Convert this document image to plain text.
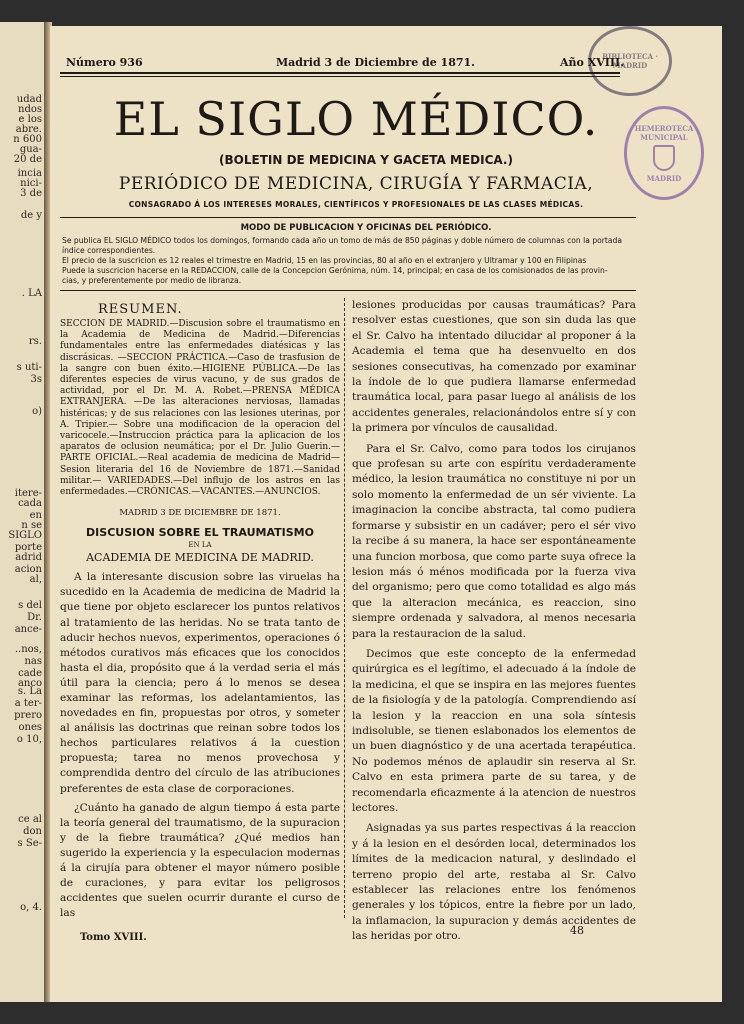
udad
ndos
e los
abre.
n 600
gua-
20 de
incia
nici-
3 de
de y
. LA
rs.
s uti-
3s
o)
itere-
cada
en
n se
SIGLO
porte
adrid
acion
al,
s del
Dr.
ance-
..nos,
nas
cade
anco
s. La
a ter-
prero
ones
o 10,
ce al
don
s Se-
o, 4.
BIBLIOTECA · MADRID
HEMEROTECA MUNICIPAL
MADRID
Número 936	Madrid 3 de Diciembre de 1871.	Año XVIII.
EL SIGLO MÉDICO.
(BOLETIN DE MEDICINA Y GACETA MEDICA.)
PERIÓDICO DE MEDICINA, CIRUGÍA Y FARMACIA,
CONSAGRADO Á LOS INTERESES MORALES, CIENTÍFICOS Y PROFESIONALES DE LAS CLASES MÉDICAS.
MODO DE PUBLICACION Y OFICINAS DEL PERIÓDICO.
Se publica EL SIGLO MÉDICO todos los domingos, formando cada año un tomo de más de 850 páginas y doble número de columnas con la portada
índice correspondientes.
El precio de la suscricion es 12 reales el trimestre en Madrid, 15 en las provincias, 80 al año en el extranjero y Ultramar y 100 en Filipinas
Puede la suscricion hacerse en la REDACCION, calle de la Concepcion Gerónima, núm. 14, principal; en casa de los comisionados de las provin-
cias, y preferentemente por medio de libranza.
RESUMEN.

SECCION DE MADRID.—Discusion sobre el traumatismo en la Academia de Medicina de Madrid.—Diferencias fundamentales entre las enfermedades diatésicas y las discrásicas. —SECCION PRÁCTICA.—Caso de trasfusion de la sangre con buen éxito.—HIGIENE PÚBLICA.—De las diferentes especies de virus vacuno, y de sus grados de actividad, por el Dr. M. A. Robet.—PRENSA MÉDICA EXTRANJERA. —De las alteraciones nerviosas, llamadas histéricas; y de sus relaciones con las lesiones uterinas, por A. Tripier.— Sobre una modificacion de la operacion del varicocele.—Instruccion práctica para la aplicacion de los aparatos de oclusion neumática; por el Dr. Julio Guerin.—PARTE OFICIAL.—Real academia de medicina de Madrid—Sesion literaria del 16 de Noviembre de 1871.—Sanidad militar.— VARIEDADES.—Del influjo de los astros en las enfermedades.—CRÓNICAS.—VACANTES.—ANUNCIOS.

MADRID 3 DE DICIEMBRE DE 1871.
DISCUSION SOBRE EL TRAUMATISMO
EN LA
ACADEMIA DE MEDICINA DE MADRID.

A la interesante discusion sobre las viruelas ha sucedido en la Academia de medicina de Madrid la que tiene por objeto esclarecer los puntos relativos al tratamiento de las heridas. No se trata tanto de aducir hechos nuevos, experimentos, operaciones ó métodos curativos más eficaces que los conocidos hasta el dia, propósito que á la verdad seria el más útil para la ciencia; pero á lo menos se desea examinar las reformas, los adelantamientos, las novedades en fin, propuestas por otros, y someter al análisis las doctrinas que reinan sobre todos los hechos particulares relativos á la cuestion propuesta; tarea no menos provechosa y comprendida dentro del círculo de las atribuciones preferentes de esta clase de corporaciones.

¿Cuánto ha ganado de algun tiempo á esta parte la teoría general del traumatismo, de la supuracion y de la fiebre traumática? ¿Qué medios han sugerido la experiencia y la especulacion modernas á la cirujía para obtener el mayor número posible de curaciones, y para evitar los peligrosos accidentes que suelen ocurrir durante el curso de las

lesiones producidas por causas traumáticas? Para resolver estas cuestiones, que son sin duda las que el Sr. Calvo ha intentado dilucidar al proponer á la Academia el tema que ha desenvuelto en dos sesiones consecutivas, ha comenzado por examinar la índole de lo que pudiera llamarse enfermedad traumática local, para pasar luego al análisis de los accidentes generales, relacionándolos entre sí y con la primera por vínculos de causalidad.

Para el Sr. Calvo, como para todos los cirujanos que profesan su arte con espíritu verdaderamente médico, la lesion traumática no constituye ni por un solo momento la enfermedad de un sér viviente. La imaginacion la concibe abstracta, tal como pudiera formarse y subsistir en un cadáver; pero el sér vivo la recibe á su manera, la hace ser espontáneamente una funcion morbosa, que como parte suya ofrece la lesion más ó ménos modificada por la fuerza viva del organismo; pero que como totalidad es algo más que la alteracion mecánica, es reaccion, sino siempre ordenada y salvadora, al menos necesaria para la restauracion de la salud.

Decimos que este concepto de la enfermedad quirúrgica es el legítimo, el adecuado á la índole de la medicina, el que se inspira en las mejores fuentes de la fisiología y de la patología. Comprendiendo así la lesion y la reaccion en una sola síntesis indisoluble, se tienen eslabonados los elementos de un buen diagnóstico y de una acertada terapéutica. No podemos ménos de aplaudir sin reserva al Sr. Calvo en esta primera parte de su tarea, y de recomendarla eficazmente á la atencion de nuestros lectores.

Asignadas ya sus partes respectivas á la reaccion y á la lesion en el desórden local, determinados los límites de la medicacion natural, y deslindado el terreno propio del arte, restaba al Sr. Calvo establecer las relaciones entre los fenómenos generales y los tópicos, entre la fiebre por un lado, la inflamacion, la supuracion y demás accidentes de las heridas por otro.

Tomo XVIII.
48
